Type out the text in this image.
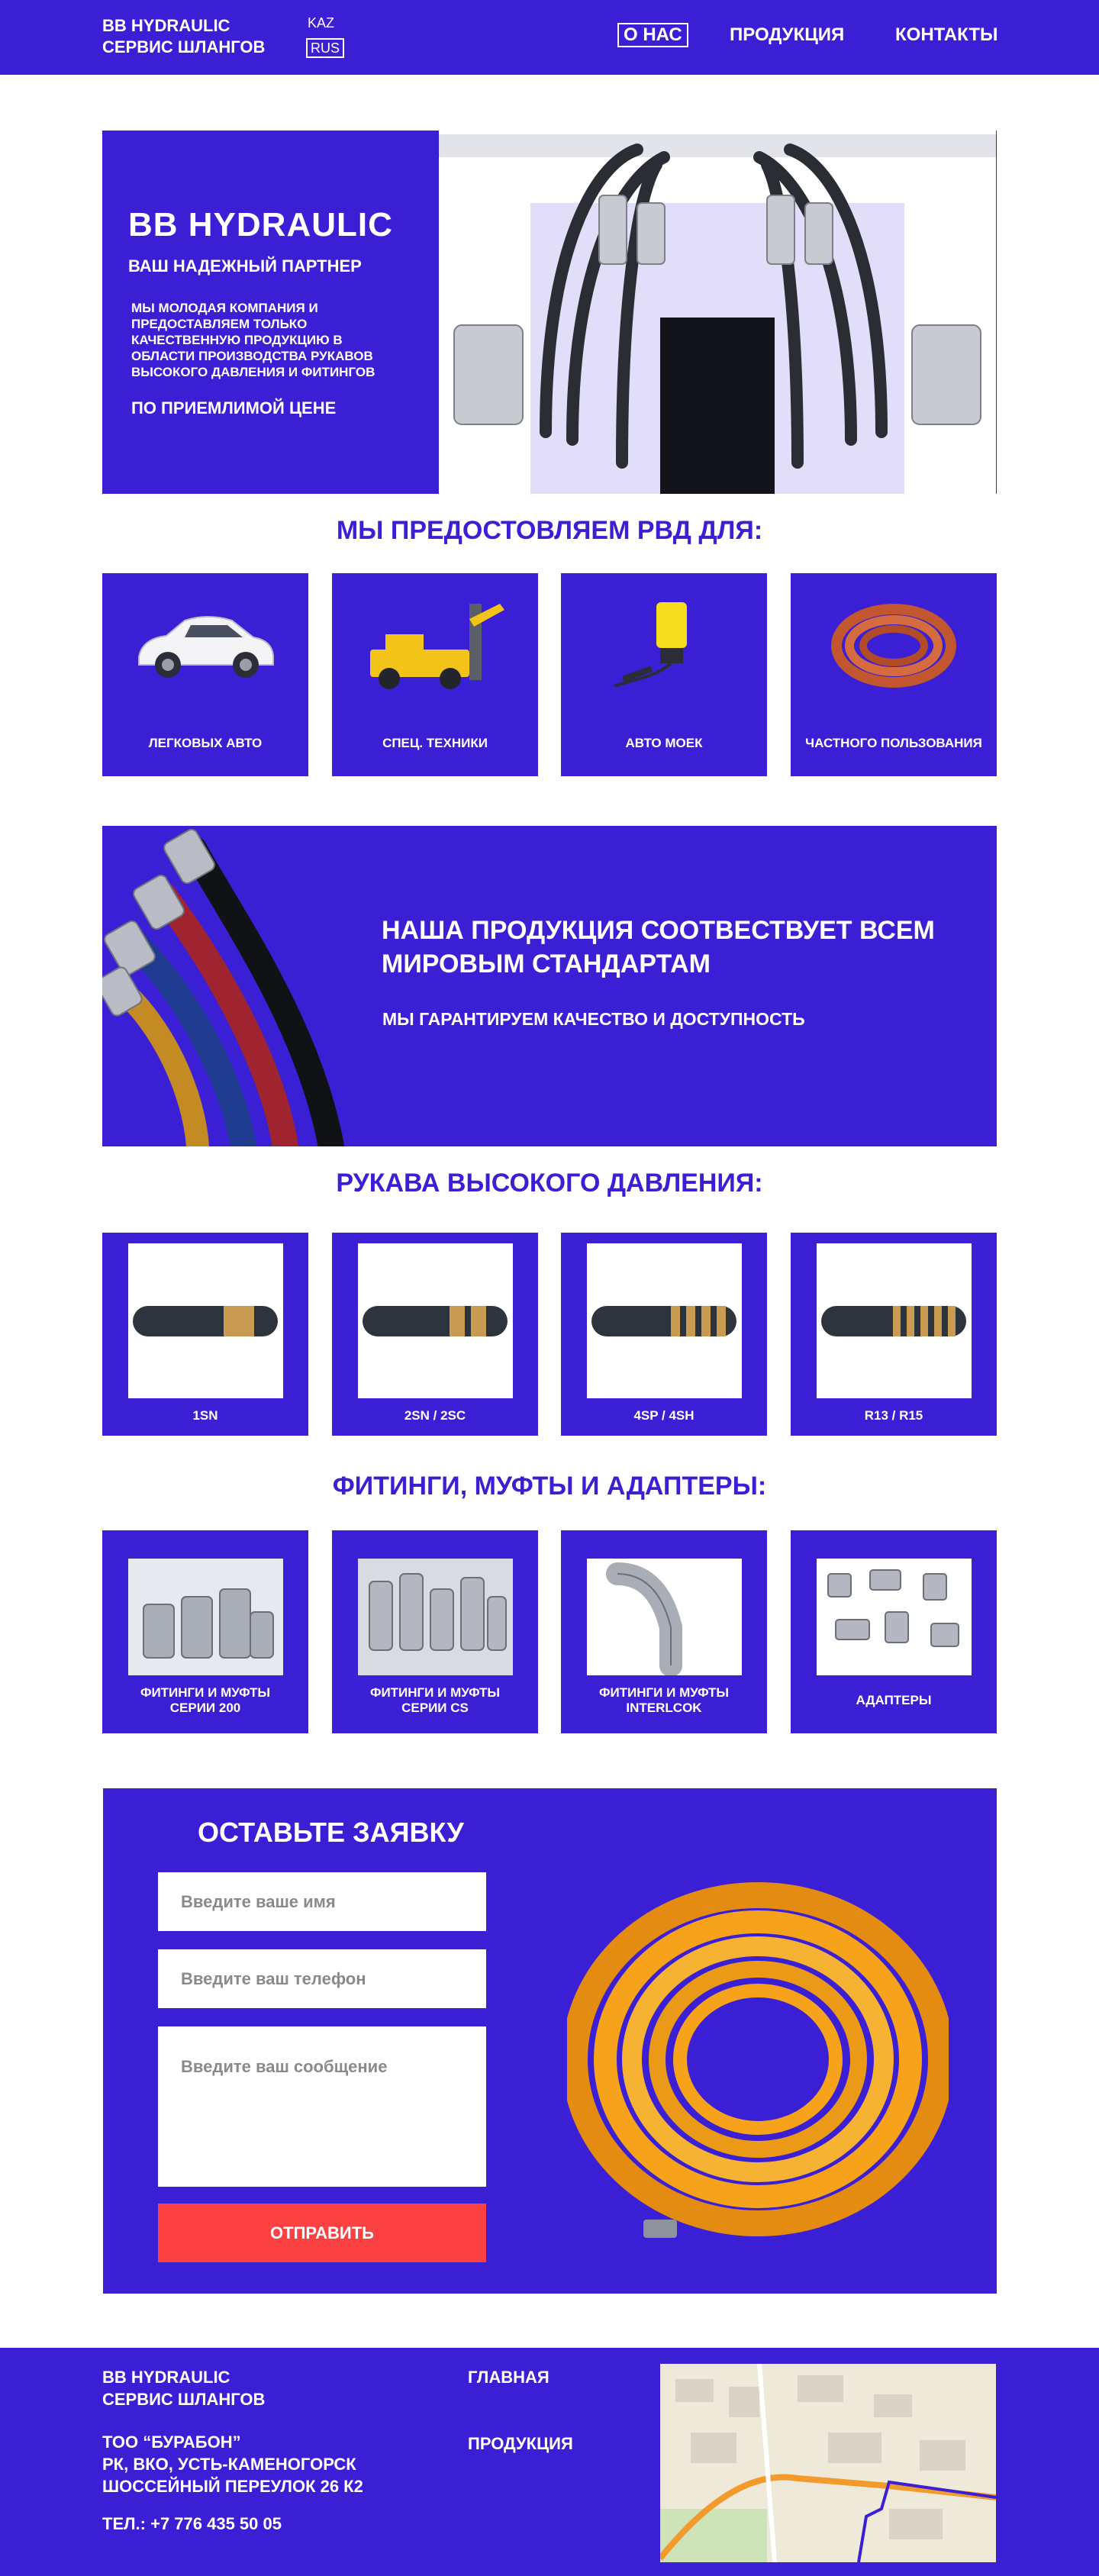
BB HYDRAULIC
СЕРВИС ШЛАНГОВ
KAZ
RUS
О НАС	ПРОДУКЦИЯ	КОНТАКТЫ
BB HYDRAULIC
ВАШ НАДЕЖНЫЙ ПАРТНЕР
МЫ МОЛОДАЯ КОМПАНИЯ И
ПРЕДОСТАВЛЯЕМ ТОЛЬКО
КАЧЕСТВЕННУЮ ПРОДУКЦИЮ В
ОБЛАСТИ ПРОИЗВОДСТВА РУКАВОВ
ВЫСОКОГО ДАВЛЕНИЯ И ФИТИНГОВ
ПО ПРИЕМЛИМОЙ ЦЕНЕ
МЫ ПРЕДОСТОВЛЯЕМ РВД ДЛЯ:
ЛЕГКОВЫХ АВТО	СПЕЦ. ТЕХНИКИ	АВТО МОЕК	ЧАСТНОГО ПОЛЬЗОВАНИЯ
НАША ПРОДУКЦИЯ СООТВЕСТВУЕТ ВСЕМ
МИРОВЫМ СТАНДАРТАМ
МЫ ГАРАНТИРУЕМ КАЧЕСТВО И ДОСТУПНОСТЬ
РУКАВА ВЫСОКОГО ДАВЛЕНИЯ:
1SN	2SN / 2SC	4SP / 4SH	R13 / R15
ФИТИНГИ, МУФТЫ И АДАПТЕРЫ:
ФИТИНГИ И МУФТЫ
СЕРИИ 200
ФИТИНГИ И МУФТЫ
СЕРИИ CS
ФИТИНГИ И МУФТЫ
INTERLCOK
АДАПТЕРЫ
ОСТАВЬТЕ ЗАЯВКУ
Введите ваше имя
Введите ваш телефон
Введите ваш сообщение
ОТПРАВИТЬ
BB HYDRAULIC
СЕРВИС ШЛАНГОВ
ТОО “БУРАБОН”
РК, ВКО, УСТЬ-КАМЕНОГОРСК
ШОССЕЙНЫЙ ПЕРЕУЛОК 26 К2
ТЕЛ.: +7 776 435 50 05
ГЛАВНАЯ
ПРОДУКЦИЯ
